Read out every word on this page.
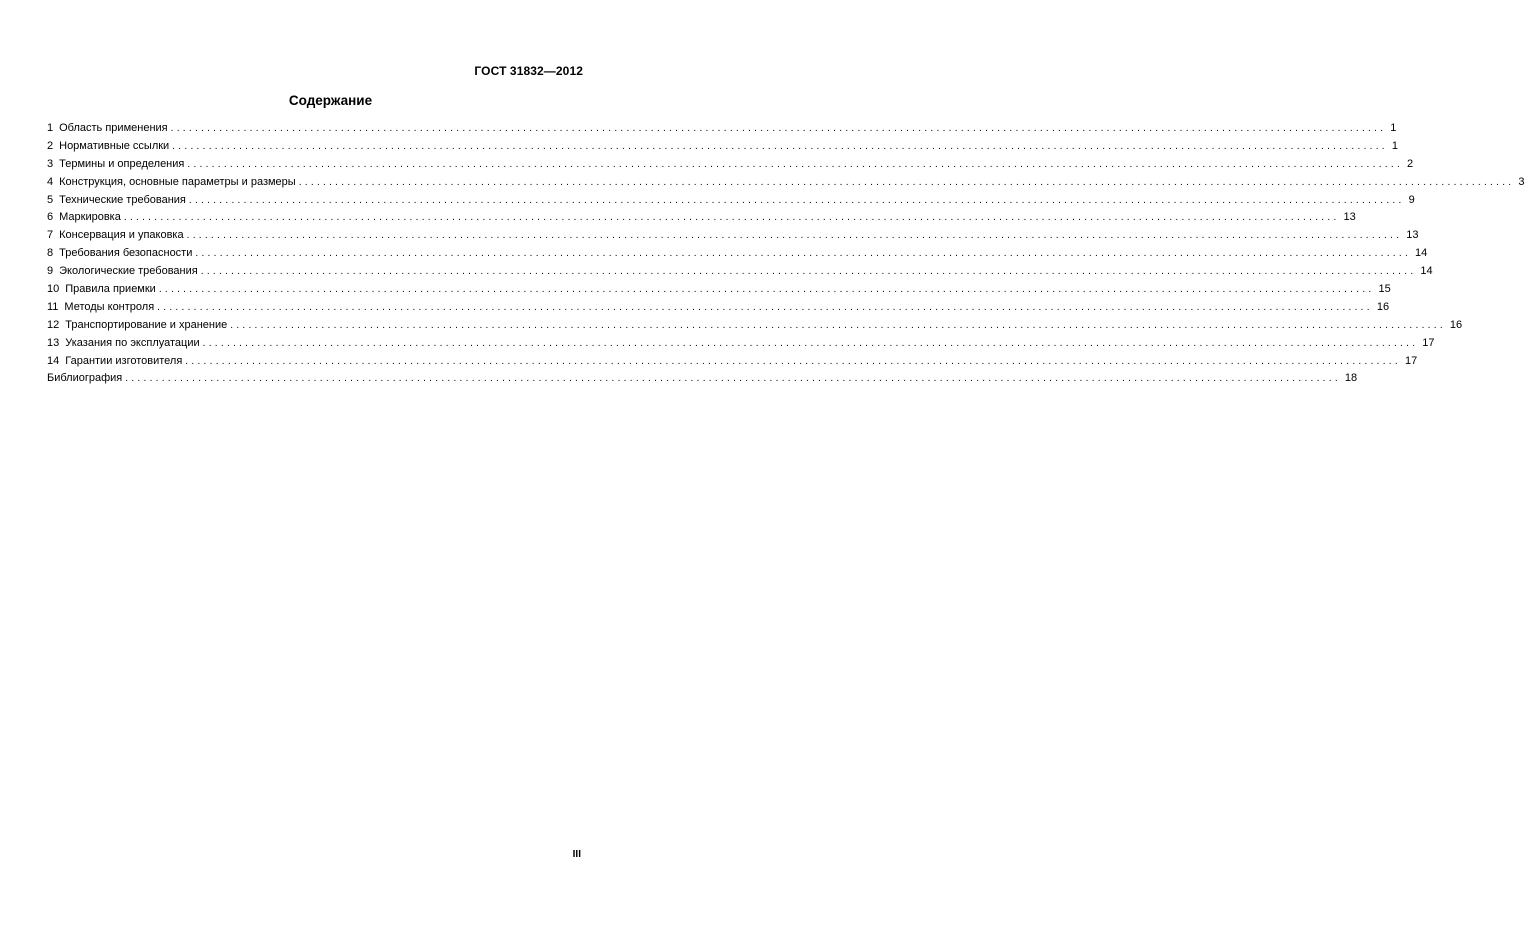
ГОСТ 31832—2012
Содержание
1 Область применения ........................................................................................................................................................................................................ 1
2 Нормативные ссылки ........................................................................................................................................................................................................ 1
3 Термины и определения ........................................................................................................................................................................................................ 2
4 Конструкция, основные параметры и размеры ........................................................................................................................................................................................................ 3
5 Технические требования ........................................................................................................................................................................................................ 9
6 Маркировка ........................................................................................................................................................................................................ 13
7 Консервация и упаковка ........................................................................................................................................................................................................ 13
8 Требования безопасности ........................................................................................................................................................................................................ 14
9 Экологические требования ........................................................................................................................................................................................................ 14
10 Правила приемки ........................................................................................................................................................................................................ 15
11 Методы контроля ........................................................................................................................................................................................................ 16
12 Транспортирование и хранение ........................................................................................................................................................................................................ 16
13 Указания по эксплуатации ........................................................................................................................................................................................................ 17
14 Гарантии изготовителя ........................................................................................................................................................................................................ 17
Библиография ........................................................................................................................................................................................................ 18
III
